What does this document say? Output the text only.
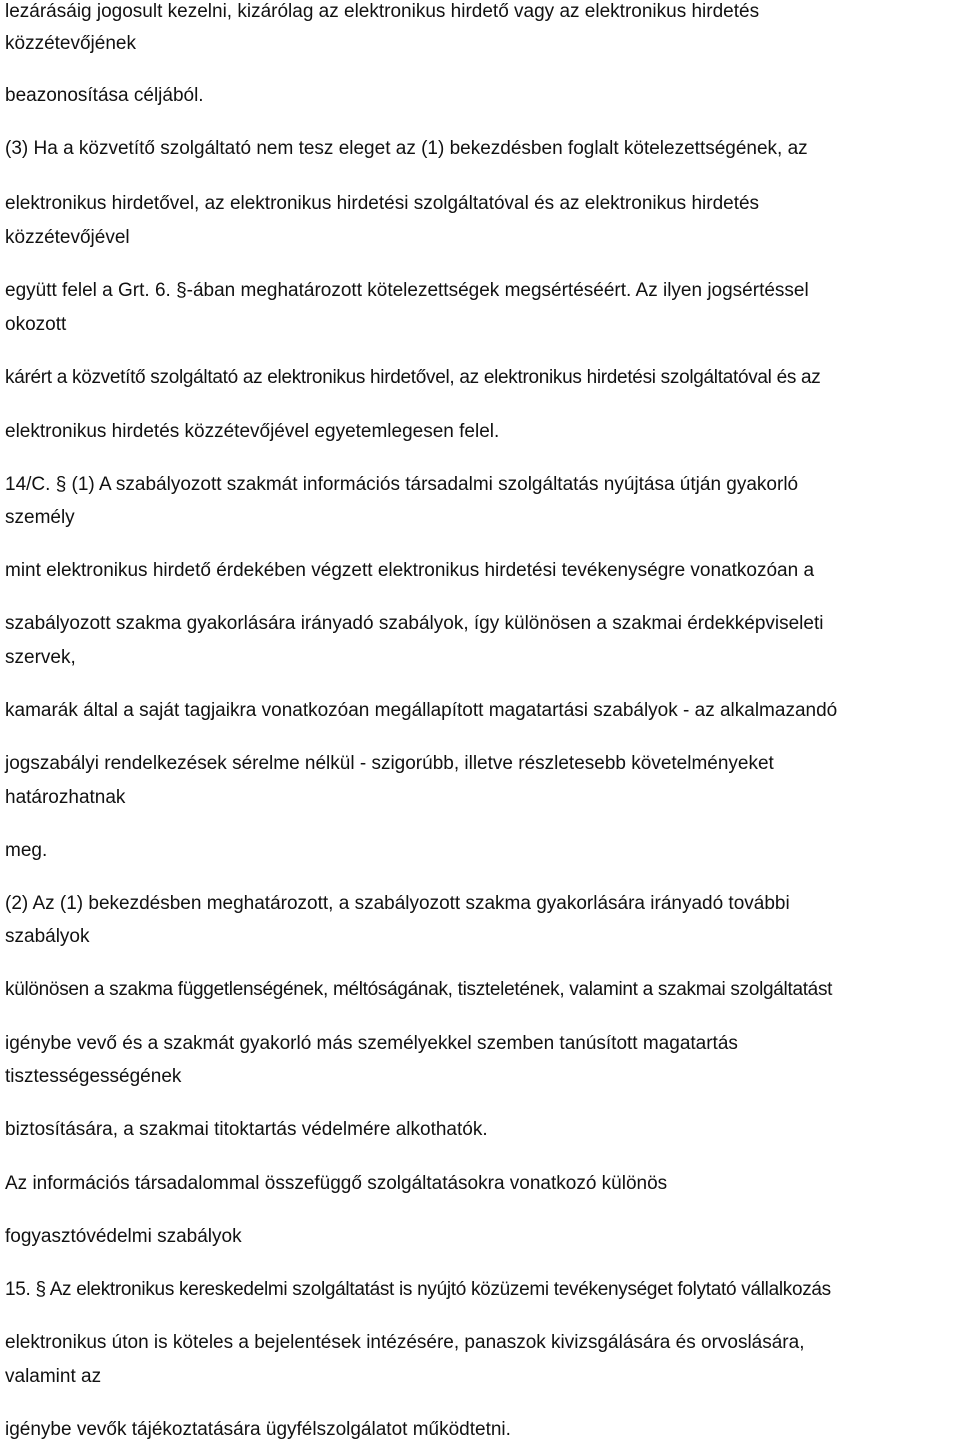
lezárásáig jogosult kezelni, kizárólag az elektronikus hirdető vagy az elektronikus hirdetés
közzétevőjének
beazonosítása céljából.
(3) Ha a közvetítő szolgáltató nem tesz eleget az (1) bekezdésben foglalt kötelezettségének, az
elektronikus hirdetővel, az elektronikus hirdetési szolgáltatóval és az elektronikus hirdetés
közzétevőjével
együtt felel a Grt. 6. §-ában meghatározott kötelezettségek megsértéséért. Az ilyen jogsértéssel
okozott
kárért a közvetítő szolgáltató az elektronikus hirdetővel, az elektronikus hirdetési szolgáltatóval és az
elektronikus hirdetés közzétevőjével egyetemlegesen felel.
14/C. § (1) A szabályozott szakmát információs társadalmi szolgáltatás nyújtása útján gyakorló
személy
mint elektronikus hirdető érdekében végzett elektronikus hirdetési tevékenységre vonatkozóan a
szabályozott szakma gyakorlására irányadó szabályok, így különösen a szakmai érdekképviseleti
szervek,
kamarák által a saját tagjaikra vonatkozóan megállapított magatartási szabályok - az alkalmazandó
jogszabályi rendelkezések sérelme nélkül - szigorúbb, illetve részletesebb követelményeket
határozhatnak
meg.
(2) Az (1) bekezdésben meghatározott, a szabályozott szakma gyakorlására irányadó további
szabályok
különösen a szakma függetlenségének, méltóságának, tiszteletének, valamint a szakmai szolgáltatást
igénybe vevő és a szakmát gyakorló más személyekkel szemben tanúsított magatartás
tisztességességének
biztosítására, a szakmai titoktartás védelmére alkothatók.
Az információs társadalommal összefüggő szolgáltatásokra vonatkozó különös
fogyasztóvédelmi szabályok
15. § Az elektronikus kereskedelmi szolgáltatást is nyújtó közüzemi tevékenységet folytató vállalkozás
elektronikus úton is köteles a bejelentések intézésére, panaszok kivizsgálására és orvoslására,
valamint az
igénybe vevők tájékoztatására ügyfélszolgálatot működtetni.
